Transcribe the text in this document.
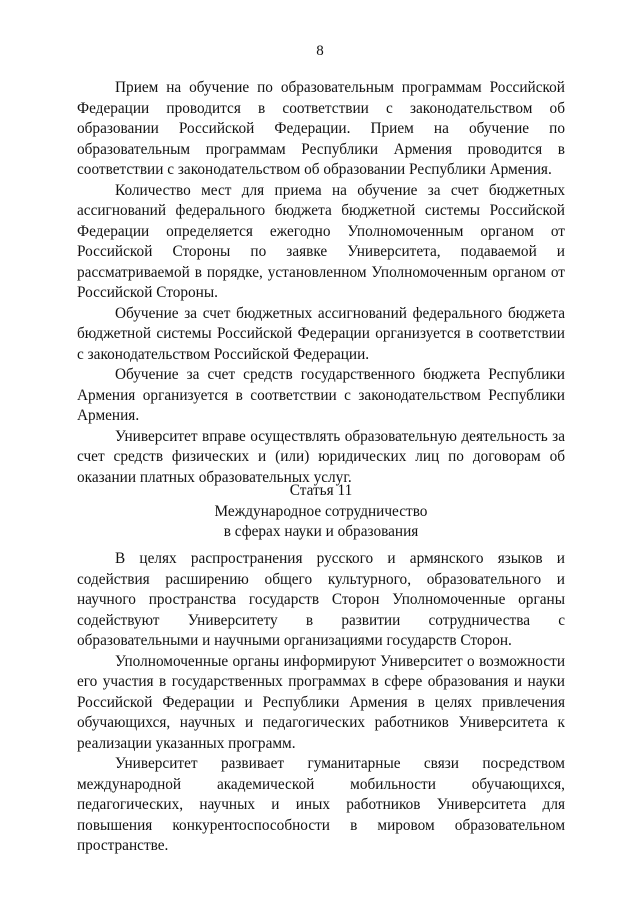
8

Прием на обучение по образовательным программам Российской Федерации проводится в соответствии с законодательством об образовании Российской Федерации. Прием на обучение по образовательным программам Республики Армения проводится в соответствии с законодательством об образовании Республики Армения.

Количество мест для приема на обучение за счет бюджетных ассигнований федерального бюджета бюджетной системы Российской Федерации определяется ежегодно Уполномоченным органом от Российской Стороны по заявке Университета, подаваемой и рассматриваемой в порядке, установленном Уполномоченным органом от Российской Стороны.

Обучение за счет бюджетных ассигнований федерального бюджета бюджетной системы Российской Федерации организуется в соответствии с законодательством Российской Федерации.

Обучение за счет средств государственного бюджета Республики Армения организуется в соответствии с законодательством Республики Армения.

Университет вправе осуществлять образовательную деятельность за счет средств физических и (или) юридических лиц по договорам об оказании платных образовательных услуг.

Статья 11
Международное сотрудничество
в сферах науки и образования

В целях распространения русского и армянского языков и содействия расширению общего культурного, образовательного и научного пространства государств Сторон Уполномоченные органы содействуют Университету в развитии сотрудничества с образовательными и научными организациями государств Сторон.

Уполномоченные органы информируют Университет о возможности его участия в государственных программах в сфере образования и науки Российской Федерации и Республики Армения в целях привлечения обучающихся, научных и педагогических работников Университета к реализации указанных программ.

Университет развивает гуманитарные связи посредством международной академической мобильности обучающихся, педагогических, научных и иных работников Университета для повышения конкурентоспособности в мировом образовательном пространстве.
